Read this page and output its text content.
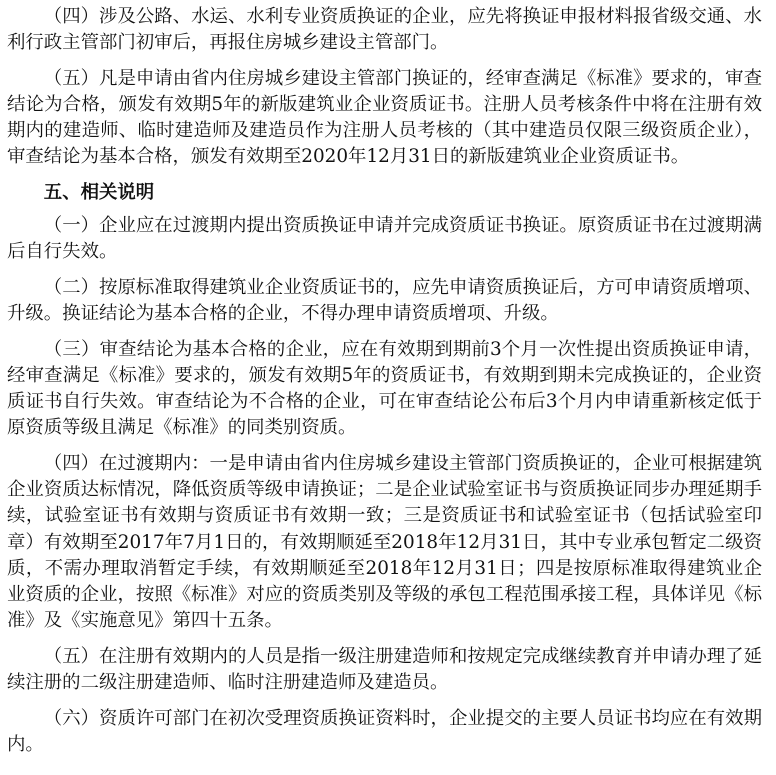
（四）涉及公路、水运、水利专业资质换证的企业，应先将换证申报材料报省级交通、水利行政主管部门初审后，再报住房城乡建设主管部门。

（五）凡是申请由省内住房城乡建设主管部门换证的，经审查满足《标准》要求的，审查结论为合格，颁发有效期5年的新版建筑业企业资质证书。注册人员考核条件中将在注册有效期内的建造师、临时建造师及建造员作为注册人员考核的（其中建造员仅限三级资质企业），审查结论为基本合格，颁发有效期至2020年12月31日的新版建筑业企业资质证书。

五、相关说明

（一）企业应在过渡期内提出资质换证申请并完成资质证书换证。原资质证书在过渡期满后自行失效。

（二）按原标准取得建筑业企业资质证书的，应先申请资质换证后，方可申请资质增项、升级。换证结论为基本合格的企业，不得办理申请资质增项、升级。

（三）审查结论为基本合格的企业，应在有效期到期前3个月一次性提出资质换证申请，经审查满足《标准》要求的，颁发有效期5年的资质证书，有效期到期未完成换证的，企业资质证书自行失效。审查结论为不合格的企业，可在审查结论公布后3个月内申请重新核定低于原资质等级且满足《标准》的同类别资质。

（四）在过渡期内：一是申请由省内住房城乡建设主管部门资质换证的，企业可根据建筑企业资质达标情况，降低资质等级申请换证；二是企业试验室证书与资质换证同步办理延期手续，试验室证书有效期与资质证书有效期一致；三是资质证书和试验室证书（包括试验室印章）有效期至2017年7月1日的，有效期顺延至2018年12月31日，其中专业承包暂定二级资质，不需办理取消暂定手续，有效期顺延至2018年12月31日；四是按原标准取得建筑业企业资质的企业，按照《标准》对应的资质类别及等级的承包工程范围承接工程，具体详见《标准》及《实施意见》第四十五条。

（五）在注册有效期内的人员是指一级注册建造师和按规定完成继续教育并申请办理了延续注册的二级注册建造师、临时注册建造师及建造员。

（六）资质许可部门在初次受理资质换证资料时，企业提交的主要人员证书均应在有效期内。
